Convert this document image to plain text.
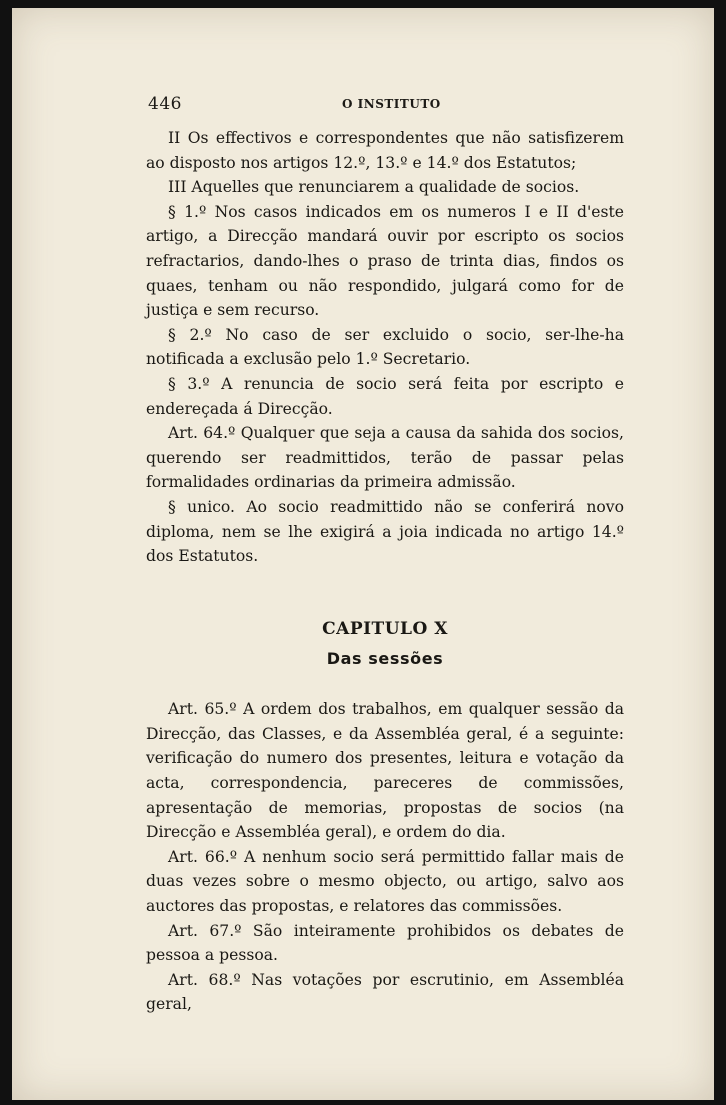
446	O INSTITUTO

II Os effectivos e correspondentes que não satisfizerem ao disposto nos artigos 12.º, 13.º e 14.º dos Estatutos;

III Aquelles que renunciarem a qualidade de socios.

§ 1.º Nos casos indicados em os numeros I e II d'este artigo, a Direcção mandará ouvir por escripto os socios refractarios, dando-lhes o praso de trinta dias, findos os quaes, tenham ou não respondido, julgará como for de justiça e sem recurso.

§ 2.º No caso de ser excluido o socio, ser-lhe-ha notificada a exclusão pelo 1.º Secretario.

§ 3.º A renuncia de socio será feita por escripto e endereçada á Direcção.

Art. 64.º Qualquer que seja a causa da sahida dos socios, querendo ser readmittidos, terão de passar pelas formalidades ordinarias da primeira admissão.

§ unico. Ao socio readmittido não se conferirá novo diploma, nem se lhe exigirá a joia indicada no artigo 14.º dos Estatutos.

CAPITULO X

Das sessões

Art. 65.º A ordem dos trabalhos, em qualquer sessão da Direcção, das Classes, e da Assembléa geral, é a seguinte: verificação do numero dos presentes, leitura e votação da acta, correspondencia, pareceres de commissões, apresentação de memorias, propostas de socios (na Direcção e Assembléa geral), e ordem do dia.

Art. 66.º A nenhum socio será permittido fallar mais de duas vezes sobre o mesmo objecto, ou artigo, salvo aos auctores das propostas, e relatores das commissões.

Art. 67.º São inteiramente prohibidos os debates de pessoa a pessoa.

Art. 68.º Nas votações por escrutinio, em Assembléa geral,
